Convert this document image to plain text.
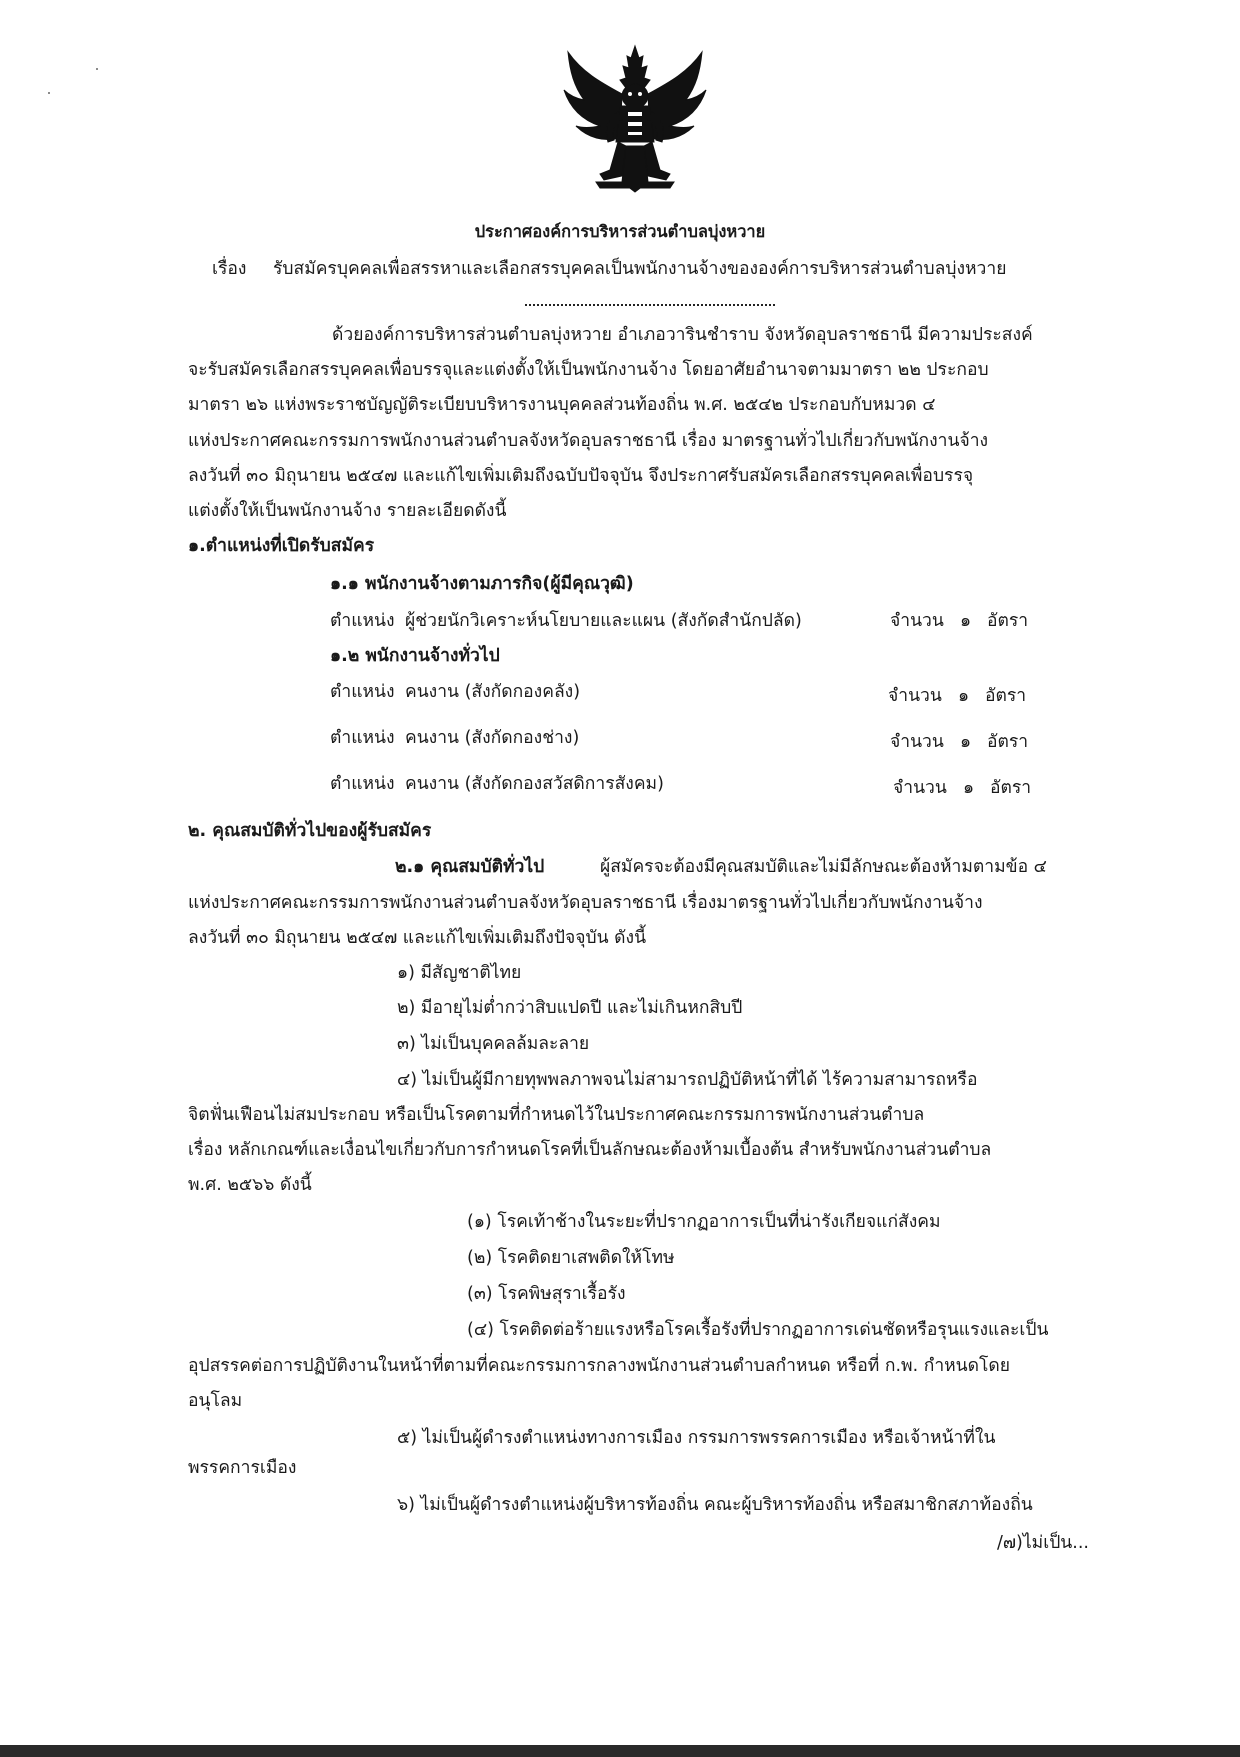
ประกาศองค์การบริหารส่วนตำบลบุ่งหวาย
เรื่อง รับสมัครบุคคลเพื่อสรรหาและเลือกสรรบุคคลเป็นพนักงานจ้างขององค์การบริหารส่วนตำบลบุ่งหวาย
ด้วยองค์การบริหารส่วนตำบลบุ่งหวาย อำเภอวารินชำราบ จังหวัดอุบลราชธานี มีความประสงค์
จะรับสมัครเลือกสรรบุคคลเพื่อบรรจุและแต่งตั้งให้เป็นพนักงานจ้าง โดยอาศัยอำนาจตามมาตรา ๒๒ ประกอบ
มาตรา ๒๖ แห่งพระราชบัญญัติระเบียบบริหารงานบุคคลส่วนท้องถิ่น พ.ศ. ๒๕๔๒ ประกอบกับหมวด ๔
แห่งประกาศคณะกรรมการพนักงานส่วนตำบลจังหวัดอุบลราชธานี เรื่อง มาตรฐานทั่วไปเกี่ยวกับพนักงานจ้าง
ลงวันที่ ๓๐ มิถุนายน ๒๕๔๗ และแก้ไขเพิ่มเติมถึงฉบับปัจจุบัน จึงประกาศรับสมัครเลือกสรรบุคคลเพื่อบรรจุ
แต่งตั้งให้เป็นพนักงานจ้าง รายละเอียดดังนี้
๑.ตำแหน่งที่เปิดรับสมัคร
๑.๑ พนักงานจ้างตามภารกิจ(ผู้มีคุณวุฒิ)
ตำแหน่ง ผู้ช่วยนักวิเคราะห์นโยบายและแผน (สังกัดสำนักปลัด)	จำนวน ๑ อัตรา
๑.๒ พนักงานจ้างทั่วไป
ตำแหน่ง คนงาน (สังกัดกองคลัง)	จำนวน ๑ อัตรา
ตำแหน่ง คนงาน (สังกัดกองช่าง)	จำนวน ๑ อัตรา
ตำแหน่ง คนงาน (สังกัดกองสวัสดิการสังคม)	จำนวน ๑ อัตรา
๒. คุณสมบัติทั่วไปของผู้รับสมัคร
๒.๑ คุณสมบัติทั่วไป	ผู้สมัครจะต้องมีคุณสมบัติและไม่มีลักษณะต้องห้ามตามข้อ ๔
แห่งประกาศคณะกรรมการพนักงานส่วนตำบลจังหวัดอุบลราชธานี เรื่องมาตรฐานทั่วไปเกี่ยวกับพนักงานจ้าง
ลงวันที่ ๓๐ มิถุนายน ๒๕๔๗ และแก้ไขเพิ่มเติมถึงปัจจุบัน ดังนี้
๑) มีสัญชาติไทย
๒) มีอายุไม่ต่ำกว่าสิบแปดปี และไม่เกินหกสิบปี
๓) ไม่เป็นบุคคลล้มละลาย
๔) ไม่เป็นผู้มีกายทุพพลภาพจนไม่สามารถปฏิบัติหน้าที่ได้ ไร้ความสามารถหรือ
จิตฟั่นเฟือนไม่สมประกอบ หรือเป็นโรคตามที่กำหนดไว้ในประกาศคณะกรรมการพนักงานส่วนตำบล
เรื่อง หลักเกณฑ์และเงื่อนไขเกี่ยวกับการกำหนดโรคที่เป็นลักษณะต้องห้ามเบื้องต้น สำหรับพนักงานส่วนตำบล
พ.ศ. ๒๕๖๖ ดังนี้
(๑) โรคเท้าช้างในระยะที่ปรากฏอาการเป็นที่น่ารังเกียจแก่สังคม
(๒) โรคติดยาเสพติดให้โทษ
(๓) โรคพิษสุราเรื้อรัง
(๔) โรคติดต่อร้ายแรงหรือโรคเรื้อรังที่ปรากฏอาการเด่นชัดหรือรุนแรงและเป็น
อุปสรรคต่อการปฏิบัติงานในหน้าที่ตามที่คณะกรรมการกลางพนักงานส่วนตำบลกำหนด หรือที่ ก.พ. กำหนดโดย
อนุโลม
๕) ไม่เป็นผู้ดำรงตำแหน่งทางการเมือง กรรมการพรรคการเมือง หรือเจ้าหน้าที่ใน
พรรคการเมือง
๖) ไม่เป็นผู้ดำรงตำแหน่งผู้บริหารท้องถิ่น คณะผู้บริหารท้องถิ่น หรือสมาชิกสภาท้องถิ่น
/๗)ไม่เป็น...
